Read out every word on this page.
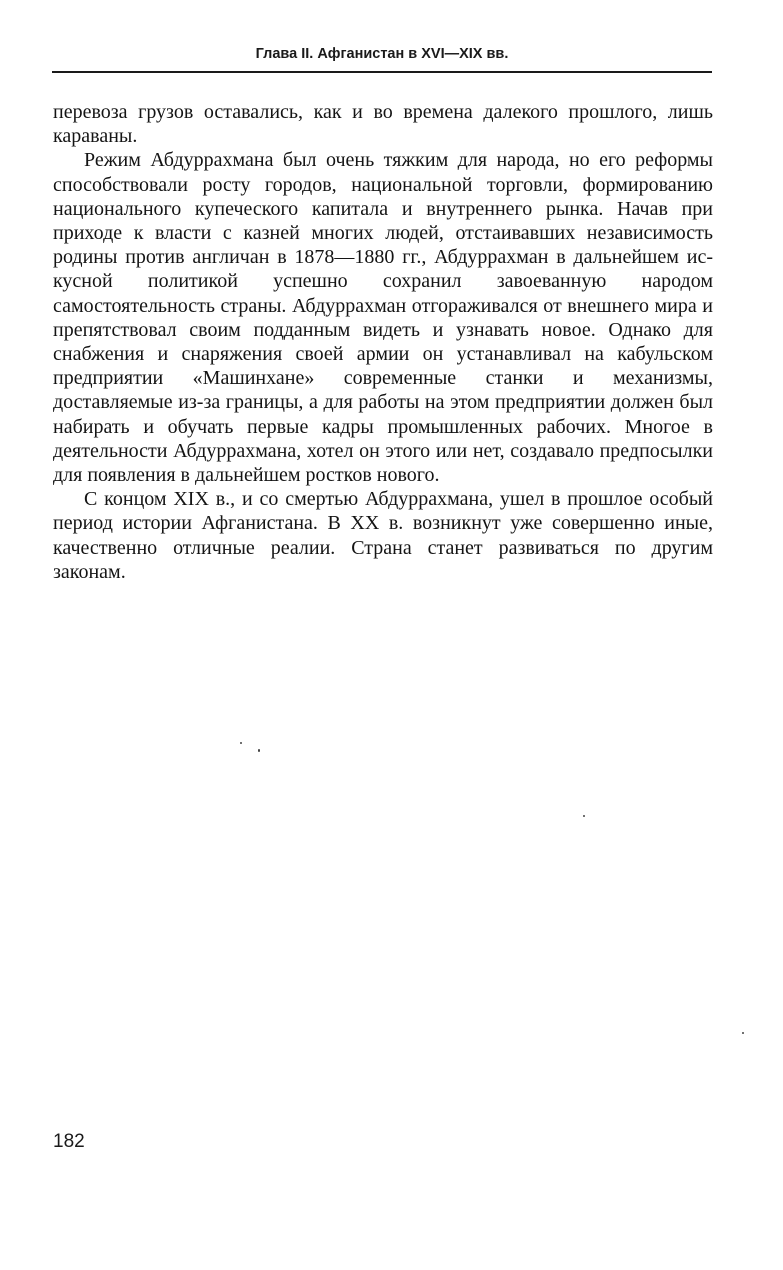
Глава II. Афганистан в XVI—XIX вв.

перевоза грузов оставались, как и во времена далекого прошлого, лишь караваны.

Режим Абдуррахмана был очень тяжким для народа, но его реформы способствовали росту городов, национальной торговли, формированию национального купеческого капитала и внутреннего рынка. Начав при приходе к власти с казней многих людей, отстаивавших независимость родины против англичан в 1878—1880 гг., Абдуррахман в дальнейшем искусной политикой успешно сохранил завоеванную народом самостоятельность страны. Абдуррахман отгораживался от внешнего мира и препятствовал своим подданным видеть и узнавать новое. Однако для снабжения и снаряжения своей армии он устанавливал на кабульском предприятии «Машинхане» современные станки и механизмы, доставляемые из-за границы, а для работы на этом предприятии должен был набирать и обучать первые кадры промышленных рабочих. Многое в деятельности Абдуррахмана, хотел он этого или нет, создавало предпосылки для появления в дальнейшем ростков нового.

С концом XIX в., и со смертью Абдуррахмана, ушел в прошлое особый период истории Афганистана. В XX в. возникнут уже совершенно иные, качественно отличные реалии. Страна станет развиваться по другим законам.

182
